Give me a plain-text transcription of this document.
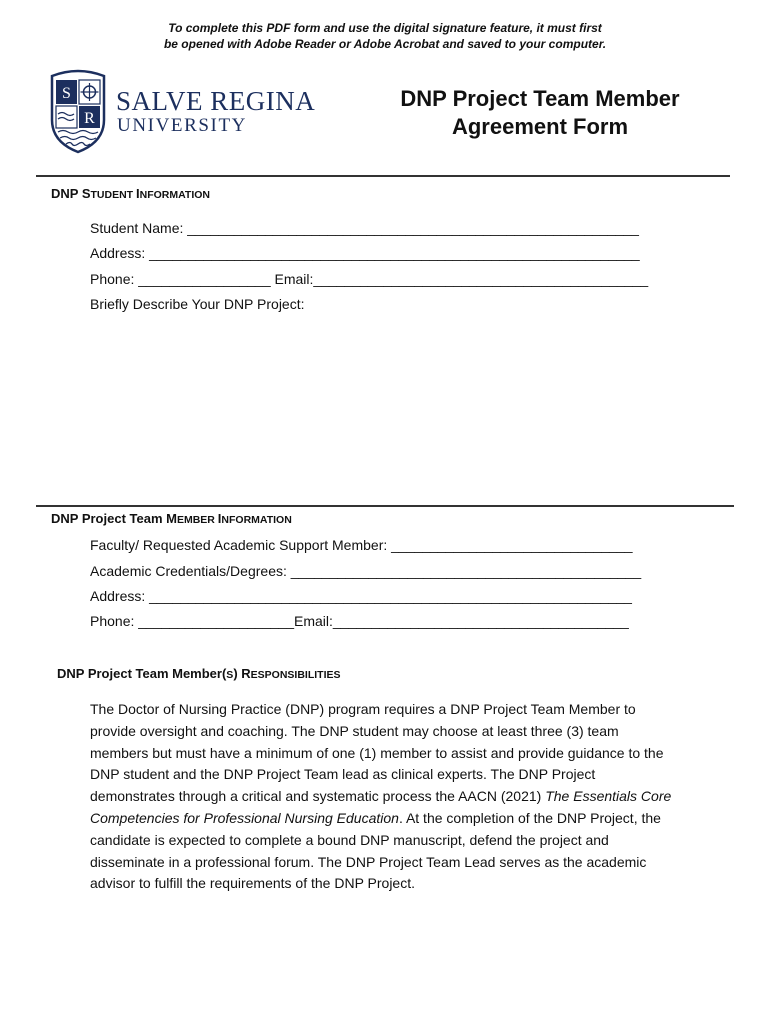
To complete this PDF form and use the digital signature feature, it must first
be opened with Adobe Reader or Adobe Acrobat and saved to your computer.
S
R
SALVE REGINA
UNIVERSITY
DNP Project Team Member
Agreement Form
DNP STUDENT INFORMATION
Student Name: __________________________________________________________
Address: _______________________________________________________________
Phone: _________________ Email:___________________________________________
Briefly Describe Your DNP Project:
DNP Project Team MEMBER INFORMATION
Faculty/ Requested Academic Support Member: _______________________________
Academic Credentials/Degrees: _____________________________________________
Address: ______________________________________________________________
Phone: ____________________Email:______________________________________
DNP Project Team Member(S) RESPONSIBILITIES

The Doctor of Nursing Practice (DNP) program requires a DNP Project Team Member to provide oversight and coaching. The DNP student may choose at least three (3) team members but must have a minimum of one (1) member to assist and provide guidance to the DNP student and the DNP Project Team lead as clinical experts. The DNP Project demonstrates through a critical and systematic process the AACN (2021) The Essentials Core Competencies for Professional Nursing Education. At the completion of the DNP Project, the candidate is expected to complete a bound DNP manuscript, defend the project and disseminate in a professional forum. The DNP Project Team Lead serves as the academic advisor to fulfill the requirements of the DNP Project.
